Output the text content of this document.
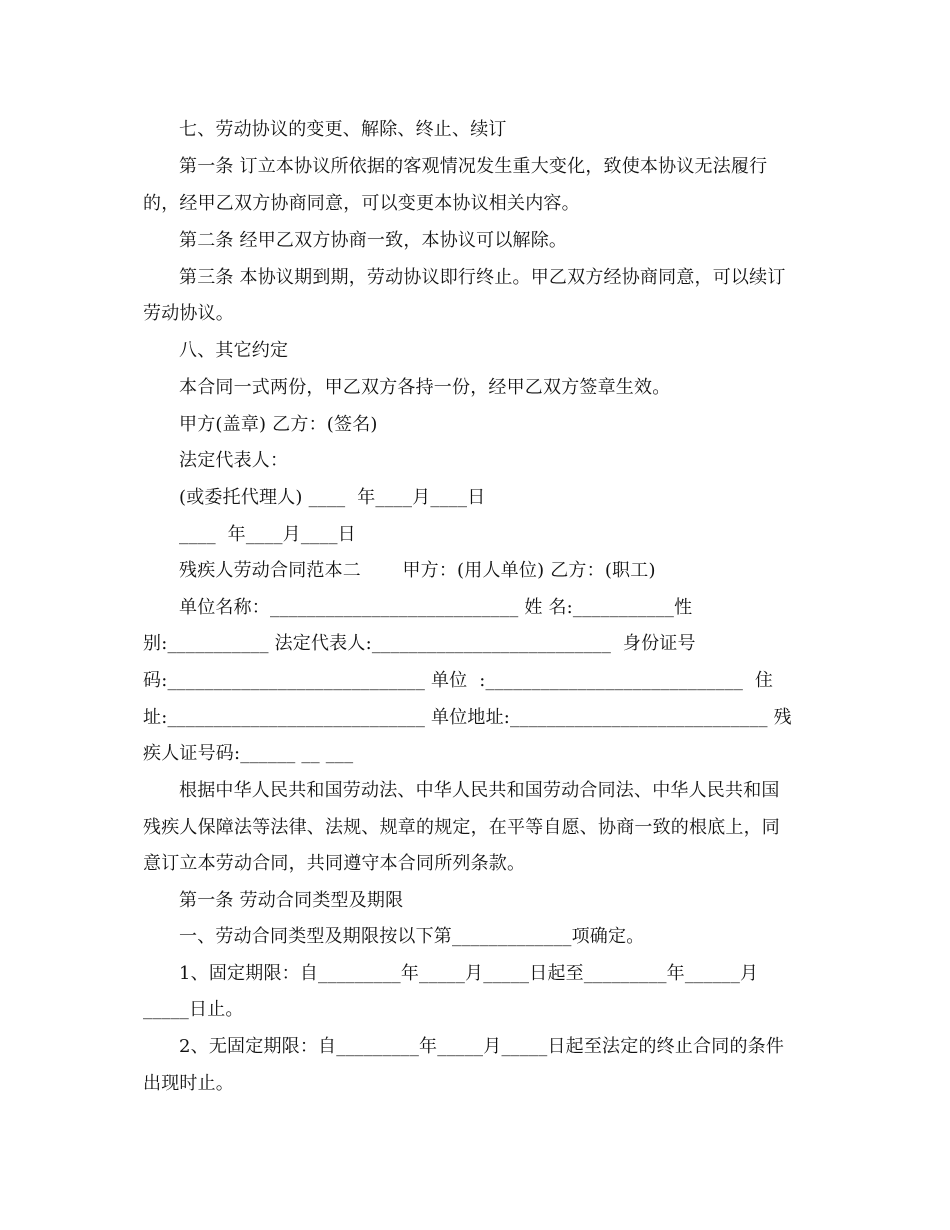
七、劳动协议的变更、解除、终止、续订
第一条 订立本协议所依据的客观情况发生重大变化，致使本协议无法履行
的，经甲乙双方协商同意，可以变更本协议相关内容。
第二条 经甲乙双方协商一致，本协议可以解除。
第三条 本协议期到期，劳动协议即行终止。甲乙双方经协商同意，可以续订
劳动协议。
八、其它约定
本合同一式两份，甲乙双方各持一份，经甲乙双方签章生效。
甲方(盖章) 乙方：(签名)
法定代表人：
(或委托代理人) ____  年____月____日
____  年____月____日
残疾人劳动合同范本二       甲方：(用人单位) 乙方：(职工)
单位名称：___________________________ 姓 名:___________性
别:___________ 法定代表人:__________________________  身份证号
码:____________________________ 单位  :____________________________  住
址:____________________________ 单位地址:____________________________ 残
疾人证号码:______ __ ___
根据中华人民共和国劳动法、中华人民共和国劳动合同法、中华人民共和国
残疾人保障法等法律、法规、规章的规定，在平等自愿、协商一致的根底上，同
意订立本劳动合同，共同遵守本合同所列条款。
第一条 劳动合同类型及期限
一、劳动合同类型及期限按以下第_____________项确定。
1、固定期限：自_________年_____月_____日起至_________年______月
_____日止。
2、无固定期限：自_________年_____月_____日起至法定的终止合同的条件
出现时止。
